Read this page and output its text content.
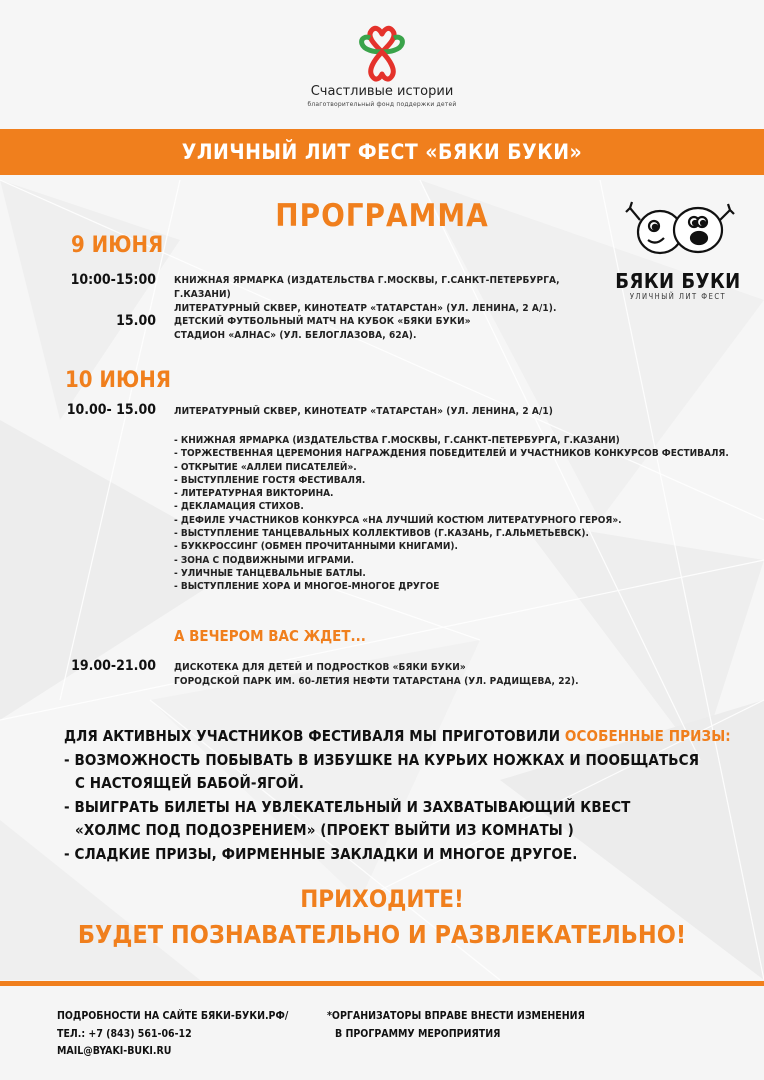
Счастливые истории
благотворительный фонд поддержки детей
УЛИЧНЫЙ ЛИТ ФЕСТ «БЯКИ БУКИ»
БЯКИ БУКИ
УЛИЧНЫЙ ЛИТ ФЕСТ
ПРОГРАММА
9 ИЮНЯ
10:00-15:00 КНИЖНАЯ ЯРМАРКА (ИЗДАТЕЛЬСТВА Г.МОСКВЫ, Г.САНКТ-ПЕТЕРБУРГА, Г.КАЗАНИ)
ЛИТЕРАТУРНЫЙ СКВЕР, КИНОТЕАТР «ТАТАРСТАН» (УЛ. ЛЕНИНА, 2 А/1).
15.00 ДЕТСКИЙ ФУТБОЛЬНЫЙ МАТЧ НА КУБОК «БЯКИ БУКИ»
СТАДИОН «АЛНАС» (УЛ. БЕЛОГЛАЗОВА, 62А).
10 ИЮНЯ
10.00- 15.00 ЛИТЕРАТУРНЫЙ СКВЕР, КИНОТЕАТР «ТАТАРСТАН» (УЛ. ЛЕНИНА, 2 А/1)
- КНИЖНАЯ ЯРМАРКА (ИЗДАТЕЛЬСТВА Г.МОСКВЫ, Г.САНКТ-ПЕТЕРБУРГА, Г.КАЗАНИ)
- ТОРЖЕСТВЕННАЯ ЦЕРЕМОНИЯ НАГРАЖДЕНИЯ ПОБЕДИТЕЛЕЙ И УЧАСТНИКОВ КОНКУРСОВ ФЕСТИВАЛЯ.
- ОТКРЫТИЕ «АЛЛЕИ ПИСАТЕЛЕЙ».
- ВЫСТУПЛЕНИЕ ГОСТЯ ФЕСТИВАЛЯ.
- ЛИТЕРАТУРНАЯ ВИКТОРИНА.
- ДЕКЛАМАЦИЯ СТИХОВ.
- ДЕФИЛЕ УЧАСТНИКОВ КОНКУРСА «НА ЛУЧШИЙ КОСТЮМ ЛИТЕРАТУРНОГО ГЕРОЯ».
- ВЫСТУПЛЕНИЕ ТАНЦЕВАЛЬНЫХ КОЛЛЕКТИВОВ (Г.КАЗАНЬ, Г.АЛЬМЕТЬЕВСК).
- БУККРОССИНГ (ОБМЕН ПРОЧИТАННЫМИ КНИГАМИ).
- ЗОНА С ПОДВИЖНЫМИ ИГРАМИ.
- УЛИЧНЫЕ ТАНЦЕВАЛЬНЫЕ БАТЛЫ.
- ВЫСТУПЛЕНИЕ ХОРА И МНОГОЕ-МНОГОЕ ДРУГОЕ
А ВЕЧЕРОМ ВАС ЖДЕТ...
19.00-21.00 ДИСКОТЕКА ДЛЯ ДЕТЕЙ И ПОДРОСТКОВ «БЯКИ БУКИ»
ГОРОДСКОЙ ПАРК ИМ. 60-ЛЕТИЯ НЕФТИ ТАТАРСТАНА (УЛ. РАДИЩЕВА, 22).
ДЛЯ АКТИВНЫХ УЧАСТНИКОВ ФЕСТИВАЛЯ МЫ ПРИГОТОВИЛИ ОСОБЕННЫЕ ПРИЗЫ:
- ВОЗМОЖНОСТЬ ПОБЫВАТЬ В ИЗБУШКЕ НА КУРЬИХ НОЖКАХ И ПООБЩАТЬСЯ
С НАСТОЯЩЕЙ БАБОЙ-ЯГОЙ.
- ВЫИГРАТЬ БИЛЕТЫ НА УВЛЕКАТЕЛЬНЫЙ И ЗАХВАТЫВАЮЩИЙ КВЕСТ
«ХОЛМС ПОД ПОДОЗРЕНИЕМ» (ПРОЕКТ ВЫЙТИ ИЗ КОМНАТЫ )
- СЛАДКИЕ ПРИЗЫ, ФИРМЕННЫЕ ЗАКЛАДКИ И МНОГОЕ ДРУГОЕ.
ПРИХОДИТЕ!
БУДЕТ ПОЗНАВАТЕЛЬНО И РАЗВЛЕКАТЕЛЬНО!
ПОДРОБНОСТИ НА САЙТЕ БЯКИ-БУКИ.РФ/
ТЕЛ.: +7 (843) 561-06-12
MAIL@BYAKI-BUKI.RU
*ОРГАНИЗАТОРЫ ВПРАВЕ ВНЕСТИ ИЗМЕНЕНИЯ
В ПРОГРАММУ МЕРОПРИЯТИЯ
